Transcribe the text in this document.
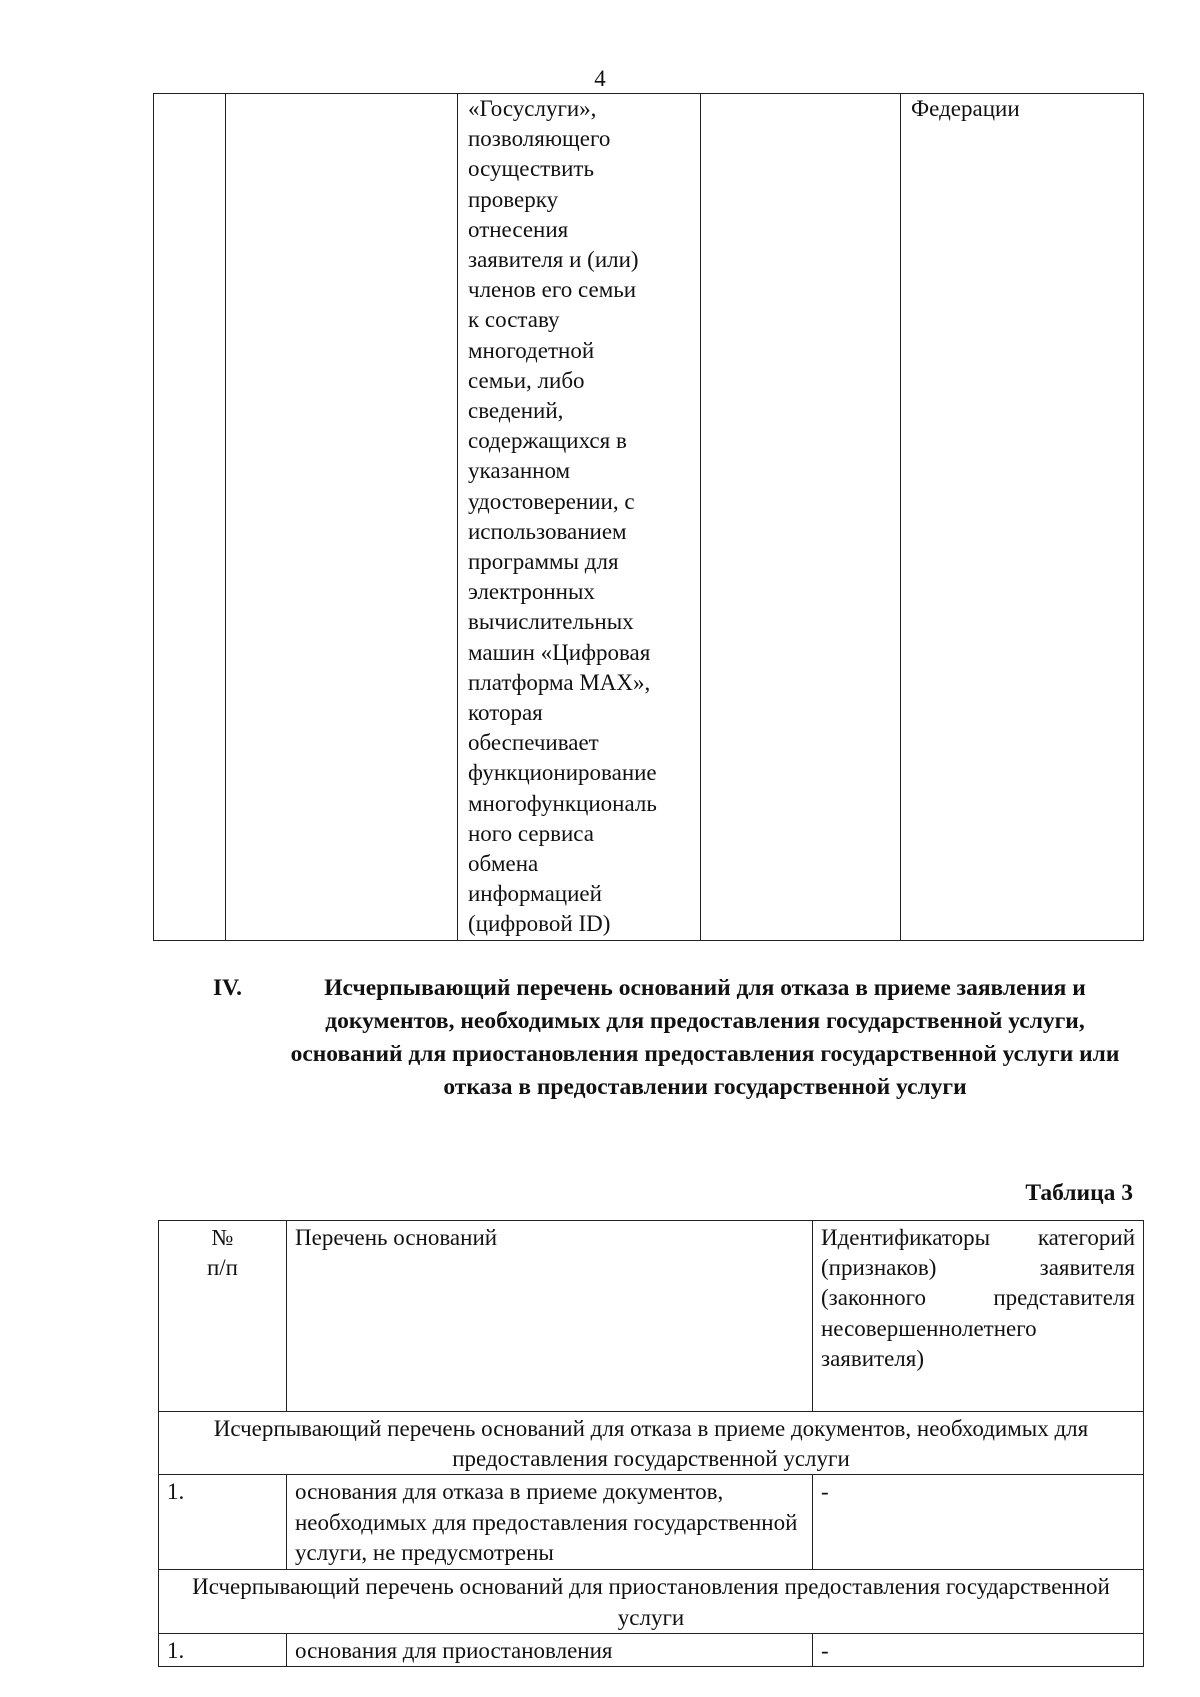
4
		«Госуслуги»,
позволяющего
осуществить
проверку
отнесения
заявителя и (или)
членов его семьи
к составу
многодетной
семьи, либо
сведений,
содержащихся в
указанном
удостоверении, с
использованием
программы для
электронных
вычислительных
машин «Цифровая
платформа MAX»,
которая
обеспечивает
функционирование
многофункциональ
ного сервиса
обмена
информацией
(цифровой ID)		Федерации
IV.	Исчерпывающий перечень оснований для отказа в приеме заявления и документов, необходимых для предоставления государственной услуги, оснований для приостановления предоставления государственной услуги или отказа в предоставлении государственной услуги
Таблица 3
№
п/п	Перечень оснований	Идентификаторы категорий (признаков) заявителя (законного представителя несовершеннолетнего заявителя)
Исчерпывающий перечень оснований для отказа в приеме документов, необходимых для предоставления государственной услуги		
1.	основания для отказа в приеме документов, необходимых для предоставления государственной услуги, не предусмотрены	-
Исчерпывающий перечень оснований для приостановления предоставления государственной услуги		
1.	основания для приостановления	-
